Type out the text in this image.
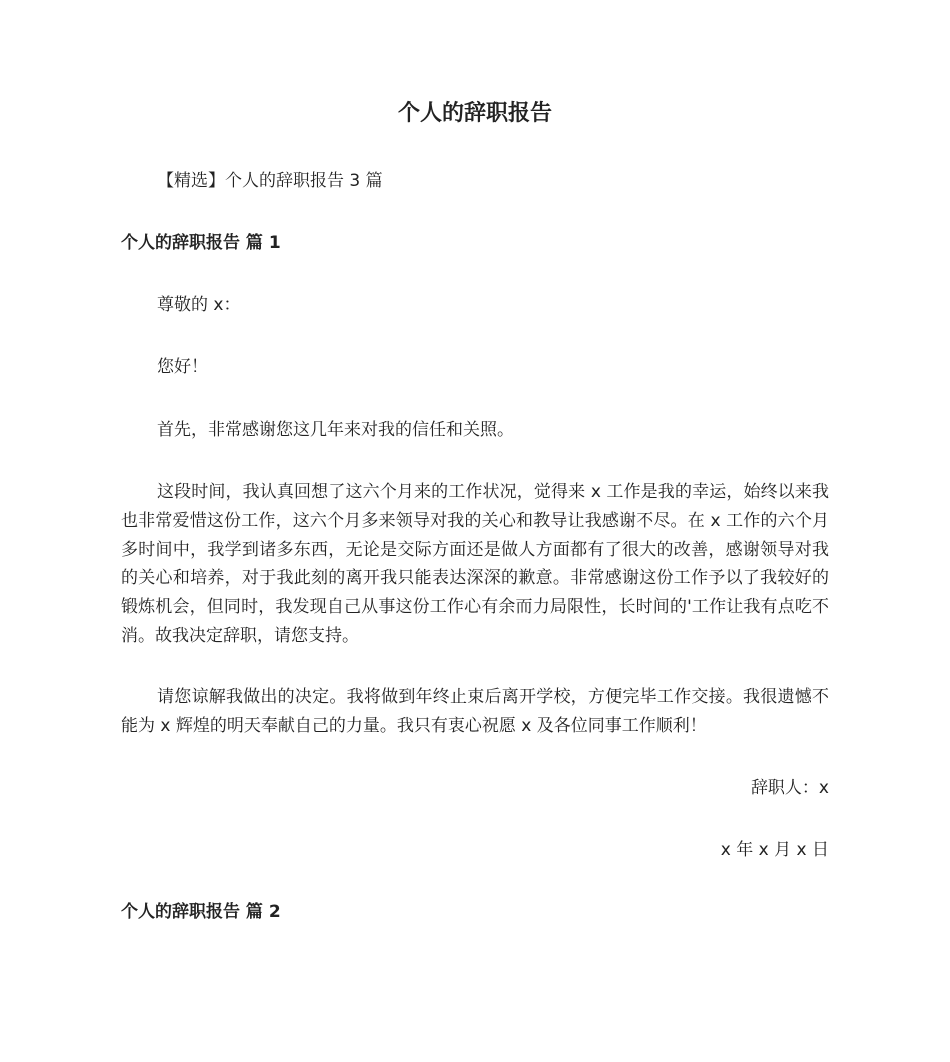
个人的辞职报告

【精选】个人的辞职报告 3 篇

个人的辞职报告 篇 1

尊敬的 x：

您好！

首先，非常感谢您这几年来对我的信任和关照。

这段时间，我认真回想了这六个月来的工作状况，觉得来 x 工作是我的幸运，始终以来我也非常爱惜这份工作，这六个月多来领导对我的关心和教导让我感谢不尽。在 x 工作的六个月多时间中，我学到诸多东西，无论是交际方面还是做人方面都有了很大的改善，感谢领导对我的关心和培养，对于我此刻的离开我只能表达深深的歉意。非常感谢这份工作予以了我较好的锻炼机会，但同时，我发现自己从事这份工作心有余而力局限性，长时间的'工作让我有点吃不消。故我决定辞职，请您支持。

请您谅解我做出的决定。我将做到年终止束后离开学校，方便完毕工作交接。我很遗憾不能为 x 辉煌的明天奉献自己的力量。我只有衷心祝愿 x 及各位同事工作顺利！

辞职人：x

x 年 x 月 x 日

个人的辞职报告 篇 2
